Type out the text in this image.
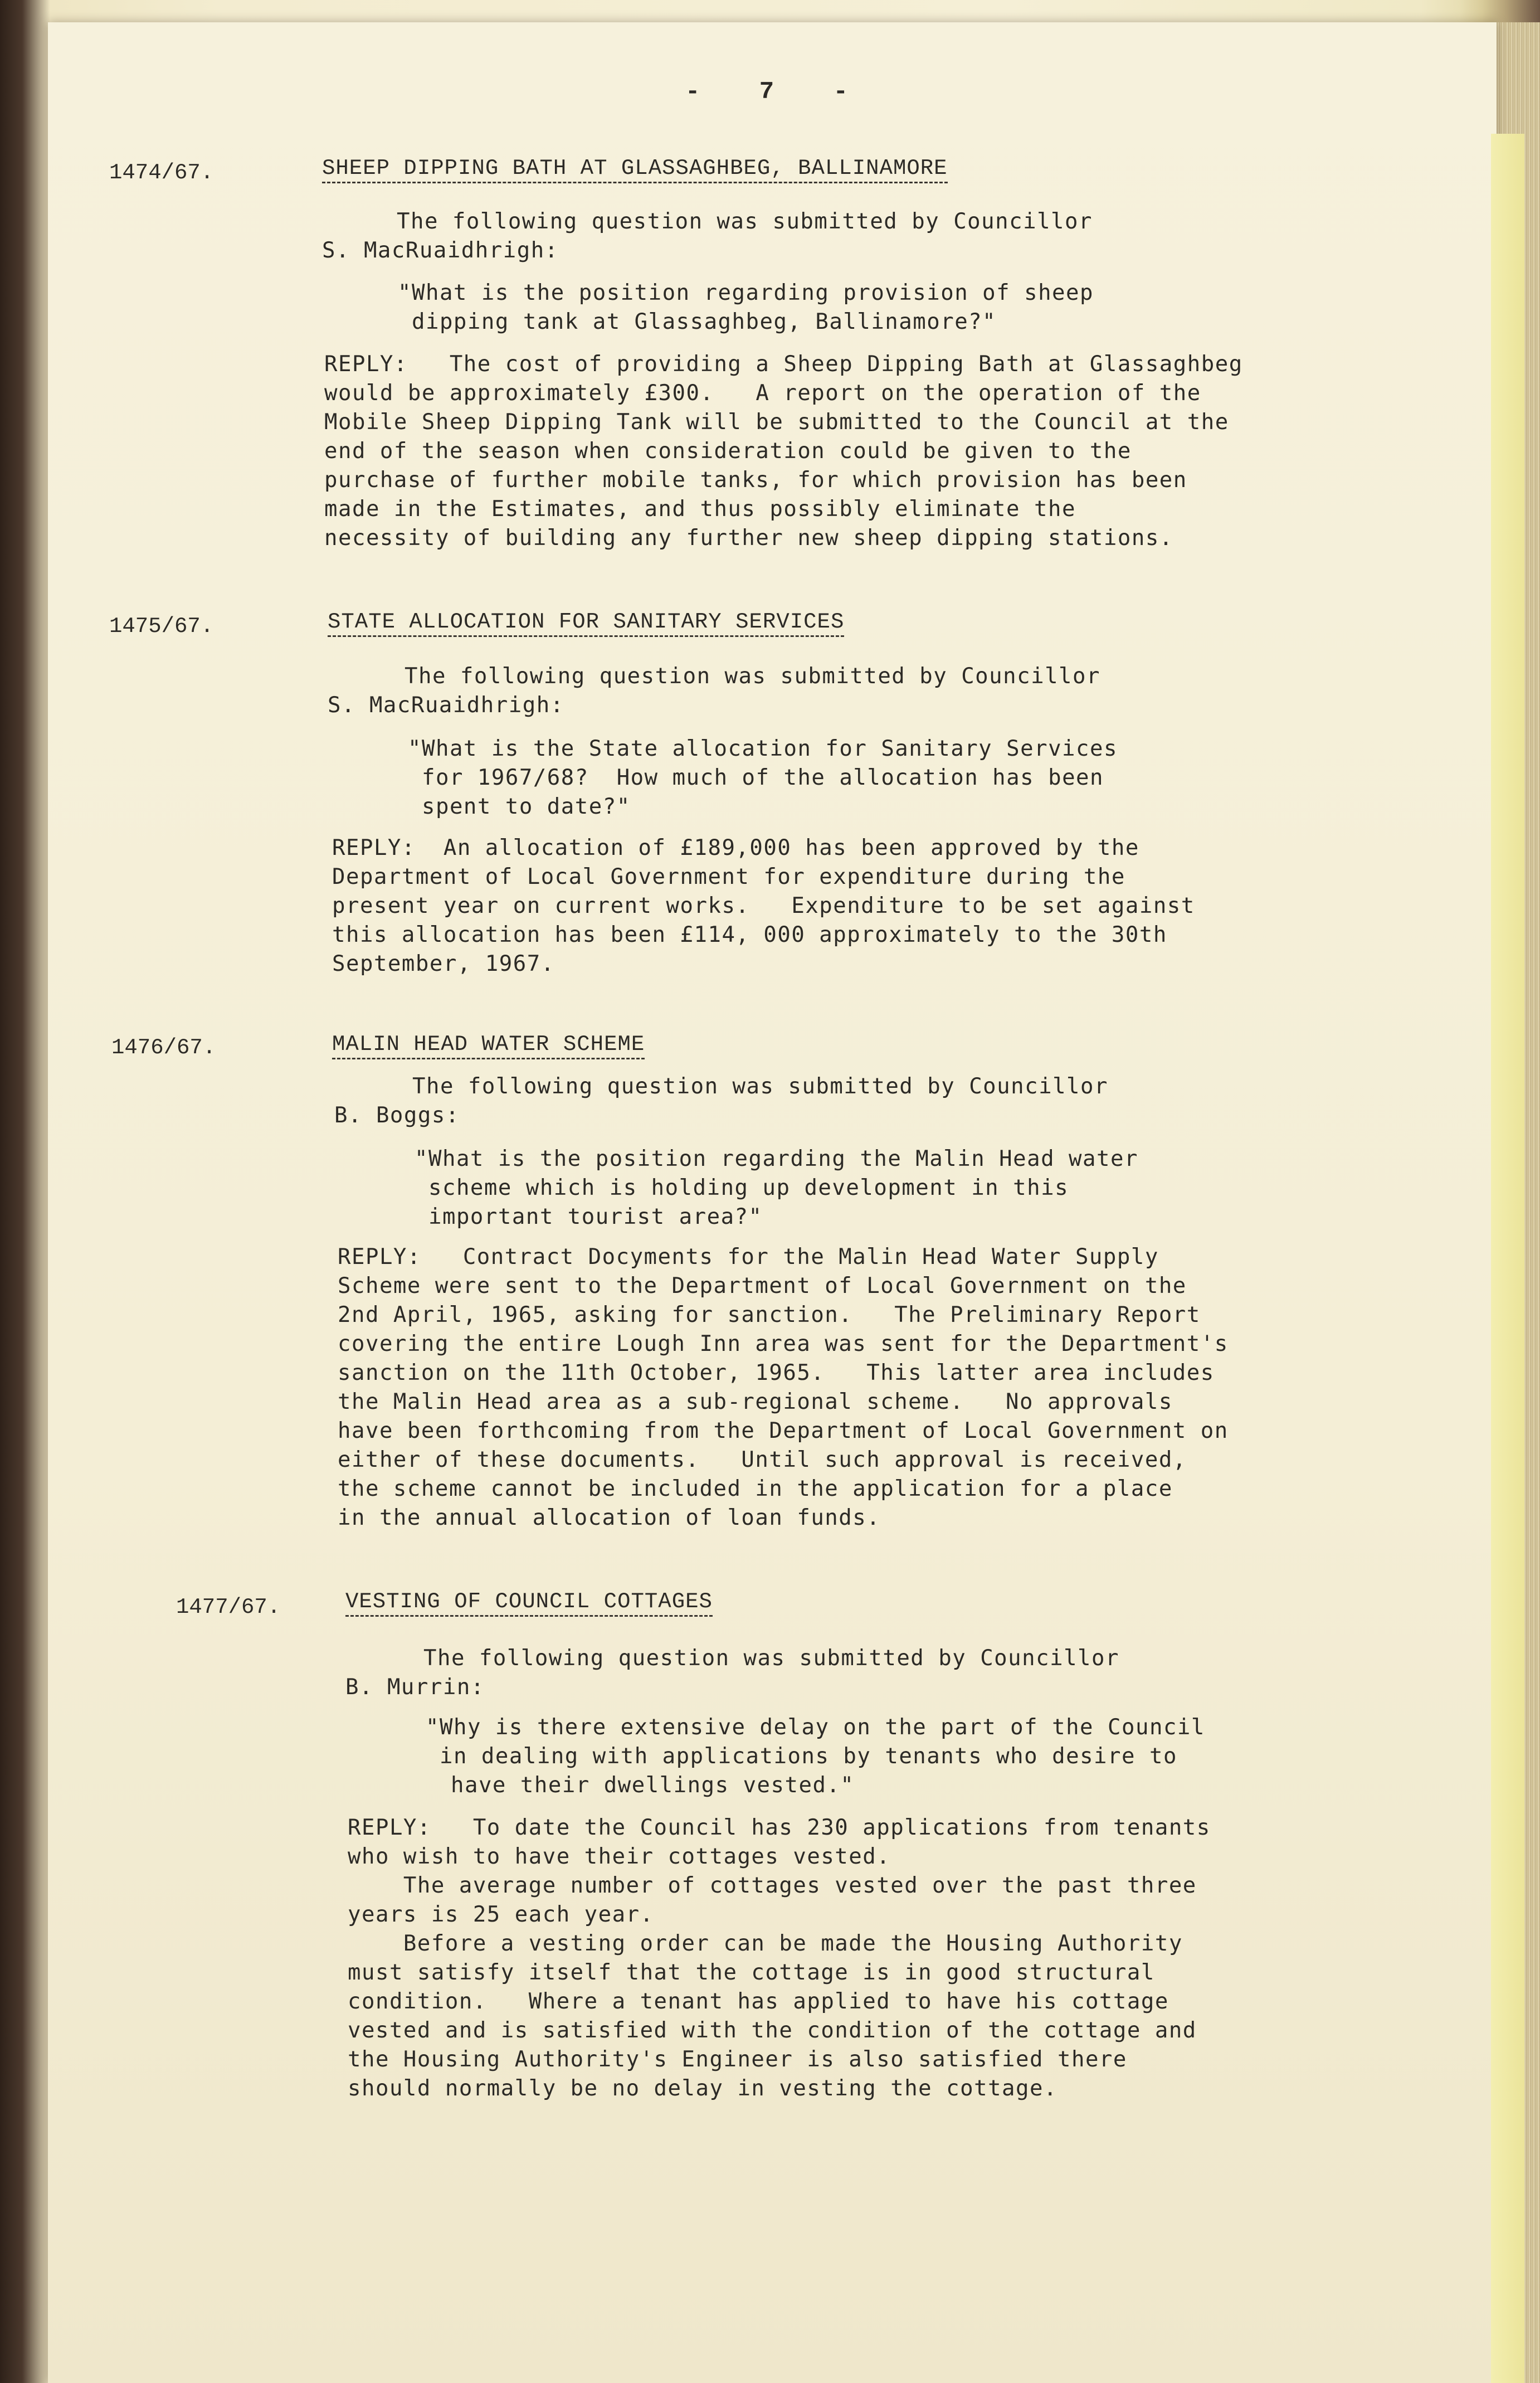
- 7 -
1474/67.	SHEEP DIPPING BATH AT GLASSAGHBEG, BALLINAMORE
The following question was submitted by Councillor
S. MacRuaidhrigh:
"What is the position regarding provision of sheep
dipping tank at Glassaghbeg, Ballinamore?"
REPLY:   The cost of providing a Sheep Dipping Bath at Glassaghbeg
would be approximately £300.   A report on the operation of the
Mobile Sheep Dipping Tank will be submitted to the Council at the
end of the season when consideration could be given to the
purchase of further mobile tanks, for which provision has been
made in the Estimates, and thus possibly eliminate the
necessity of building any further new sheep dipping stations.
1475/67.	STATE ALLOCATION FOR SANITARY SERVICES
The following question was submitted by Councillor
S. MacRuaidhrigh:
"What is the State allocation for Sanitary Services
for 1967/68?  How much of the allocation has been
spent to date?"
REPLY:  An allocation of £189,000 has been approved by the
Department of Local Government for expenditure during the
present year on current works.   Expenditure to be set against
this allocation has been £114, 000 approximately to the 30th
September, 1967.
1476/67.	MALIN HEAD WATER SCHEME
The following question was submitted by Councillor
B. Boggs:
"What is the position regarding the Malin Head water
scheme which is holding up development in this
important tourist area?"
REPLY:   Contract Docyments for the Malin Head Water Supply
Scheme were sent to the Department of Local Government on the
2nd April, 1965, asking for sanction.   The Preliminary Report
covering the entire Lough Inn area was sent for the Department's
sanction on the 11th October, 1965.   This latter area includes
the Malin Head area as a sub-regional scheme.   No approvals
have been forthcoming from the Department of Local Government on
either of these documents.   Until such approval is received,
the scheme cannot be included in the application for a place
in the annual allocation of loan funds.
1477/67.	VESTING OF COUNCIL COTTAGES
The following question was submitted by Councillor
B. Murrin:
"Why is there extensive delay on the part of the Council
in dealing with applications by tenants who desire to
have their dwellings vested."
REPLY:   To date the Council has 230 applications from tenants
who wish to have their cottages vested.
The average number of cottages vested over the past three
years is 25 each year.
Before a vesting order can be made the Housing Authority
must satisfy itself that the cottage is in good structural
condition.   Where a tenant has applied to have his cottage
vested and is satisfied with the condition of the cottage and
the Housing Authority's Engineer is also satisfied there
should normally be no delay in vesting the cottage.
